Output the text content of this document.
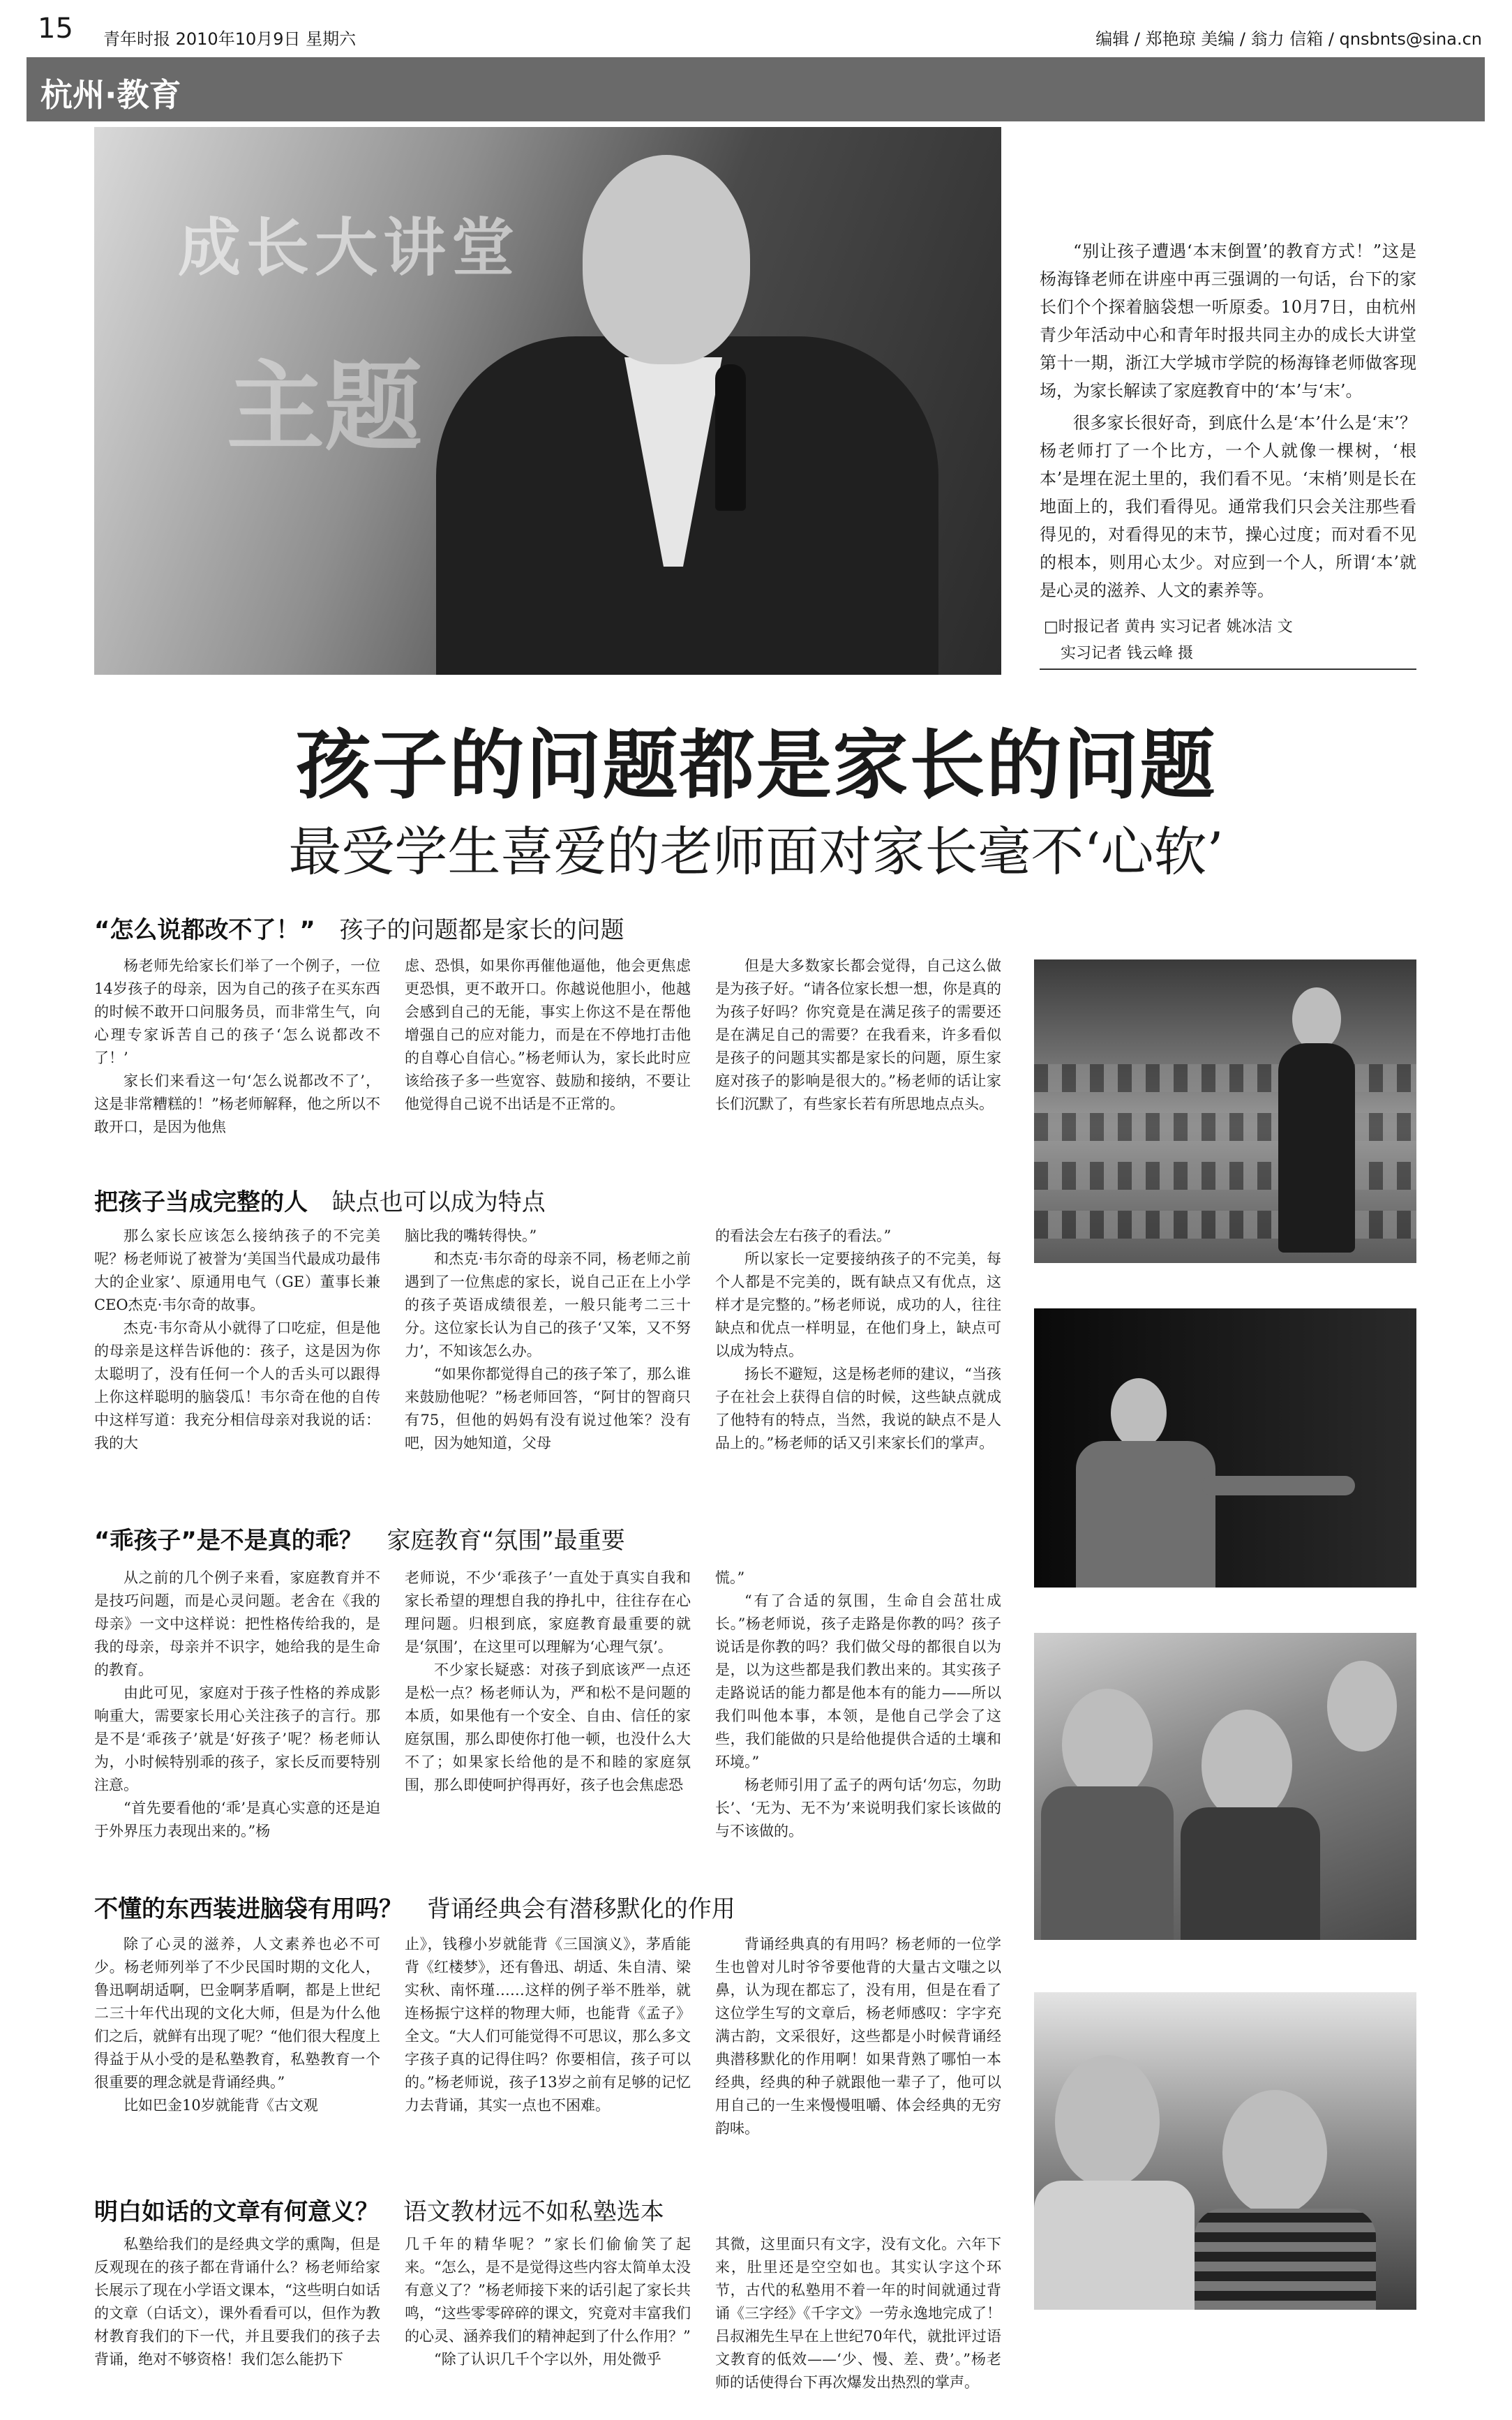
15 青年时报 2010年10月9日 星期六	编辑 / 郑艳琼 美编 / 翁力 信箱 / qnsbnts@sina.cn
杭州·教育
成长大讲堂
主题

“别让孩子遭遇‘本末倒置’的教育方式！”这是杨海锋老师在讲座中再三强调的一句话，台下的家长们个个探着脑袋想一听原委。10月7日，由杭州青少年活动中心和青年时报共同主办的成长大讲堂第十一期，浙江大学城市学院的杨海锋老师做客现场，为家长解读了家庭教育中的‘本’与‘末’。

很多家长很好奇，到底什么是‘本’什么是‘末’？杨老师打了一个比方，一个人就像一棵树，‘根本’是埋在泥土里的，我们看不见。‘末梢’则是长在地面上的，我们看得见。通常我们只会关注那些看得见的，对看得见的末节，操心过度；而对看不见的根本，则用心太少。对应到一个人，所谓‘本’就是心灵的滋养、人文的素养等。

□时报记者 黄冉 实习记者 姚冰洁 文
实习记者 钱云峰 摄
孩子的问题都是家长的问题
最受学生喜爱的老师面对家长毫不‘心软’
“怎么说都改不了！” 孩子的问题都是家长的问题

杨老师先给家长们举了一个例子，一位14岁孩子的母亲，因为自己的孩子在买东西的时候不敢开口问服务员，而非常生气，向心理专家诉苦自己的孩子‘怎么说都改不了！’

家长们来看这一句‘怎么说都改不了’，这是非常糟糕的！”杨老师解释，他之所以不敢开口，是因为他焦

虑、恐惧，如果你再催他逼他，他会更焦虑更恐惧，更不敢开口。你越说他胆小，他越会感到自己的无能，事实上你这不是在帮他增强自己的应对能力，而是在不停地打击他的自尊心自信心。”杨老师认为，家长此时应该给孩子多一些宽容、鼓励和接纳，不要让他觉得自己说不出话是不正常的。

但是大多数家长都会觉得，自己这么做是为孩子好。“请各位家长想一想，你是真的为孩子好吗？你究竟是在满足孩子的需要还是在满足自己的需要？在我看来，许多看似是孩子的问题其实都是家长的问题，原生家庭对孩子的影响是很大的。”杨老师的话让家长们沉默了，有些家长若有所思地点点头。

把孩子当成完整的人 缺点也可以成为特点

那么家长应该怎么接纳孩子的不完美呢？杨老师说了被誉为‘美国当代最成功最伟大的企业家’、原通用电气（GE）董事长兼CEO杰克·韦尔奇的故事。

杰克·韦尔奇从小就得了口吃症，但是他的母亲是这样告诉他的：孩子，这是因为你太聪明了，没有任何一个人的舌头可以跟得上你这样聪明的脑袋瓜！韦尔奇在他的自传中这样写道：我充分相信母亲对我说的话：我的大

脑比我的嘴转得快。”

和杰克·韦尔奇的母亲不同，杨老师之前遇到了一位焦虑的家长，说自己正在上小学的孩子英语成绩很差，一般只能考二三十分。这位家长认为自己的孩子‘又笨，又不努力’，不知该怎么办。

“如果你都觉得自己的孩子笨了，那么谁来鼓励他呢？”杨老师回答，“阿甘的智商只有75，但他的妈妈有没有说过他笨？没有吧，因为她知道，父母

的看法会左右孩子的看法。”

所以家长一定要接纳孩子的不完美，每个人都是不完美的，既有缺点又有优点，这样才是完整的。”杨老师说，成功的人，往往缺点和优点一样明显，在他们身上，缺点可以成为特点。

扬长不避短，这是杨老师的建议，“当孩子在社会上获得自信的时候，这些缺点就成了他特有的特点，当然，我说的缺点不是人品上的。”杨老师的话又引来家长们的掌声。

“乖孩子”是不是真的乖？ 家庭教育“氛围”最重要

从之前的几个例子来看，家庭教育并不是技巧问题，而是心灵问题。老舍在《我的母亲》一文中这样说：把性格传给我的，是我的母亲，母亲并不识字，她给我的是生命的教育。

由此可见，家庭对于孩子性格的养成影响重大，需要家长用心关注孩子的言行。那是不是‘乖孩子’就是‘好孩子’呢？杨老师认为，小时候特别乖的孩子，家长反而要特别注意。

“首先要看他的‘乖’是真心实意的还是迫于外界压力表现出来的。”杨

老师说，不少‘乖孩子’一直处于真实自我和家长希望的理想自我的挣扎中，往往存在心理问题。归根到底，家庭教育最重要的就是‘氛围’，在这里可以理解为‘心理气氛’。

不少家长疑惑：对孩子到底该严一点还是松一点？杨老师认为，严和松不是问题的本质，如果他有一个安全、自由、信任的家庭氛围，那么即使你打他一顿，也没什么大不了；如果家长给他的是不和睦的家庭氛围，那么即使呵护得再好，孩子也会焦虑恐

慌。”

“有了合适的氛围，生命自会茁壮成长。”杨老师说，孩子走路是你教的吗？孩子说话是你教的吗？我们做父母的都很自以为是，以为这些都是我们教出来的。其实孩子走路说话的能力都是他本有的能力——所以我们叫他本事，本领，是他自己学会了这些，我们能做的只是给他提供合适的土壤和环境。”

杨老师引用了孟子的两句话‘勿忘，勿助长’、‘无为、无不为’来说明我们家长该做的与不该做的。

不懂的东西装进脑袋有用吗？ 背诵经典会有潜移默化的作用

除了心灵的滋养，人文素养也必不可少。杨老师列举了不少民国时期的文化人，鲁迅啊胡适啊，巴金啊茅盾啊，都是上世纪二三十年代出现的文化大师，但是为什么他们之后，就鲜有出现了呢？“他们很大程度上得益于从小受的是私塾教育，私塾教育一个很重要的理念就是背诵经典。”

比如巴金10岁就能背《古文观

止》，钱穆小岁就能背《三国演义》，茅盾能背《红楼梦》，还有鲁迅、胡适、朱自清、梁实秋、南怀瑾……这样的例子举不胜举，就连杨振宁这样的物理大师，也能背《孟子》全文。“大人们可能觉得不可思议，那么多文字孩子真的记得住吗？你要相信，孩子可以的。”杨老师说，孩子13岁之前有足够的记忆力去背诵，其实一点也不困难。

背诵经典真的有用吗？杨老师的一位学生也曾对儿时爷爷要他背的大量古文嗤之以鼻，认为现在都忘了，没有用，但是在看了这位学生写的文章后，杨老师感叹：字字充满古韵，文采很好，这些都是小时候背诵经典潜移默化的作用啊！如果背熟了哪怕一本经典，经典的种子就跟他一辈子了，他可以用自己的一生来慢慢咀嚼、体会经典的无穷韵味。

明白如话的文章有何意义？ 语文教材远不如私塾选本

私塾给我们的是经典文学的熏陶，但是反观现在的孩子都在背诵什么？杨老师给家长展示了现在小学语文课本，“这些明白如话的文章（白话文），课外看看可以，但作为教材教育我们的下一代，并且要我们的孩子去背诵，绝对不够资格！我们怎么能扔下

几千年的精华呢？”家长们偷偷笑了起来。“怎么，是不是觉得这些内容太简单太没有意义了？”杨老师接下来的话引起了家长共鸣，“这些零零碎碎的课文，究竟对丰富我们的心灵、涵养我们的精神起到了什么作用？”

“除了认识几千个字以外，用处微乎

其微，这里面只有文字，没有文化。六年下来，肚里还是空空如也。其实认字这个环节，古代的私塾用不着一年的时间就通过背诵《三字经》《千字文》一劳永逸地完成了！吕叔湘先生早在上世纪70年代，就批评过语文教育的低效——‘少、慢、差、费’。”杨老师的话使得台下再次爆发出热烈的掌声。
